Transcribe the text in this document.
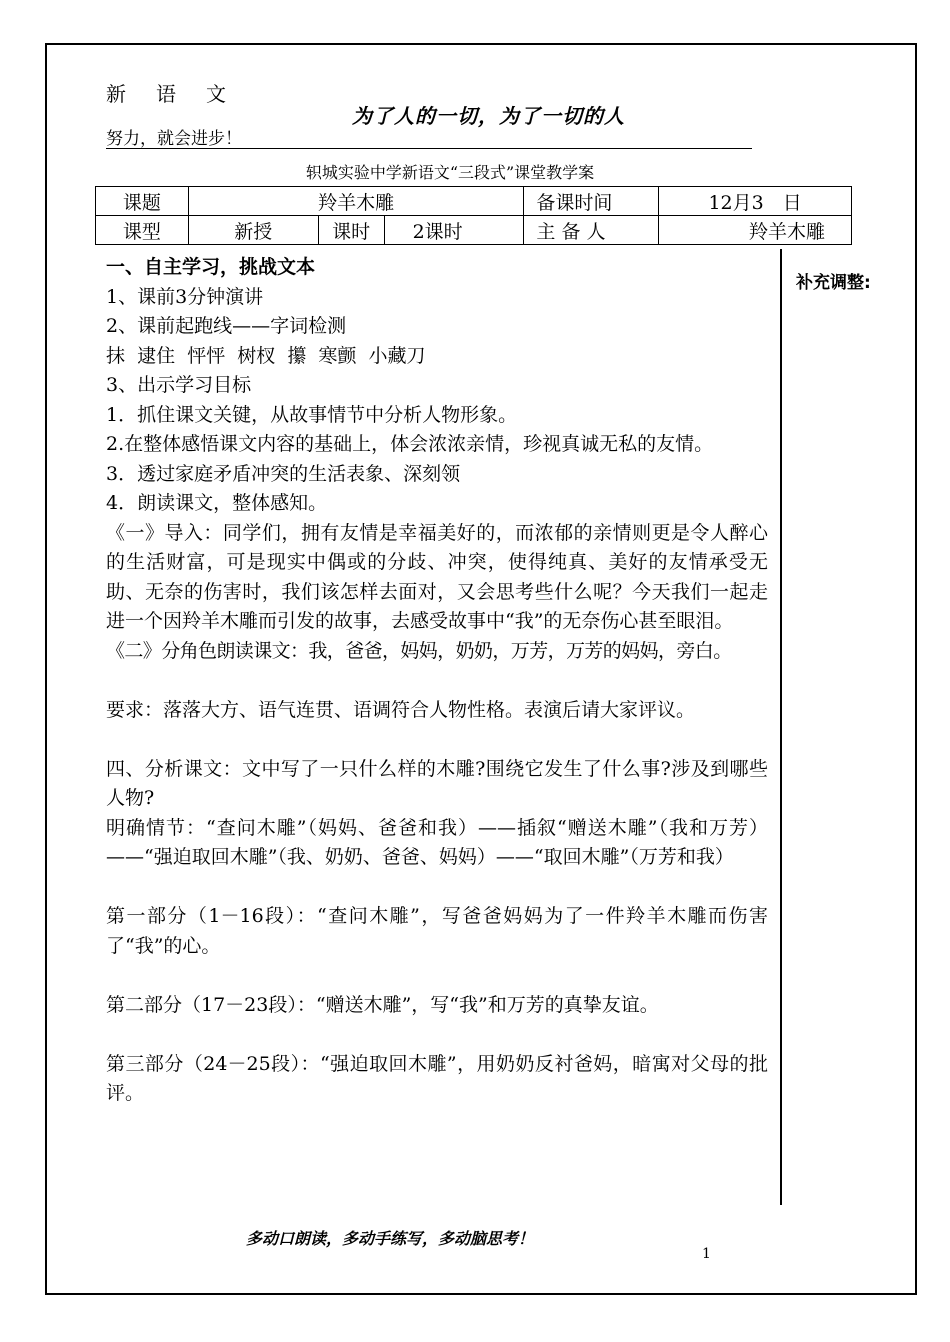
新语文
为了人的一切，为了一切的人
努力，就会进步！
轵城实验中学新语文“三段式”课堂教学案
课题	羚羊木雕			备课时间	12月3　日
课型	新授	课时	2课时	主 备 人	羚羊木雕
补充调整:

一、自主学习，挑战文本

1、课前3分钟演讲

2、课前起跑线——字词检测

抹  逮住  怦怦  树杈  攥  寒颤  小藏刀

3、出示学习目标

1．抓住课文关键，从故事情节中分析人物形象。

2.在整体感悟课文内容的基础上，体会浓浓亲情，珍视真诚无私的友情。

3．透过家庭矛盾冲突的生活表象、深刻领

4．朗读课文，整体感知。

《一》导入：同学们，拥有友情是幸福美好的，而浓郁的亲情则更是令人醉心的生活财富，可是现实中偶或的分歧、冲突，使得纯真、美好的友情承受无助、无奈的伤害时，我们该怎样去面对，又会思考些什么呢？今天我们一起走进一个因羚羊木雕而引发的故事，去感受故事中“我”的无奈伤心甚至眼泪。

《二》分角色朗读课文：我，爸爸，妈妈，奶奶，万芳，万芳的妈妈，旁白。

要求：落落大方、语气连贯、语调符合人物性格。表演后请大家评议。

四、分析课文：文中写了一只什么样的木雕?围绕它发生了什么事?涉及到哪些人物?

明确情节：“查问木雕”（妈妈、爸爸和我）——插叙“赠送木雕”（我和万芳）——“强迫取回木雕”（我、奶奶、爸爸、妈妈）——“取回木雕”（万芳和我）

第一部分（1－16段）：“查问木雕”，写爸爸妈妈为了一件羚羊木雕而伤害了“我”的心。

第二部分（17－23段）：“赠送木雕”，写“我”和万芳的真挚友谊。

第三部分（24－25段）：“强迫取回木雕”，用奶奶反衬爸妈，暗寓对父母的批评。

多动口朗读，多动手练写，多动脑思考！
1
